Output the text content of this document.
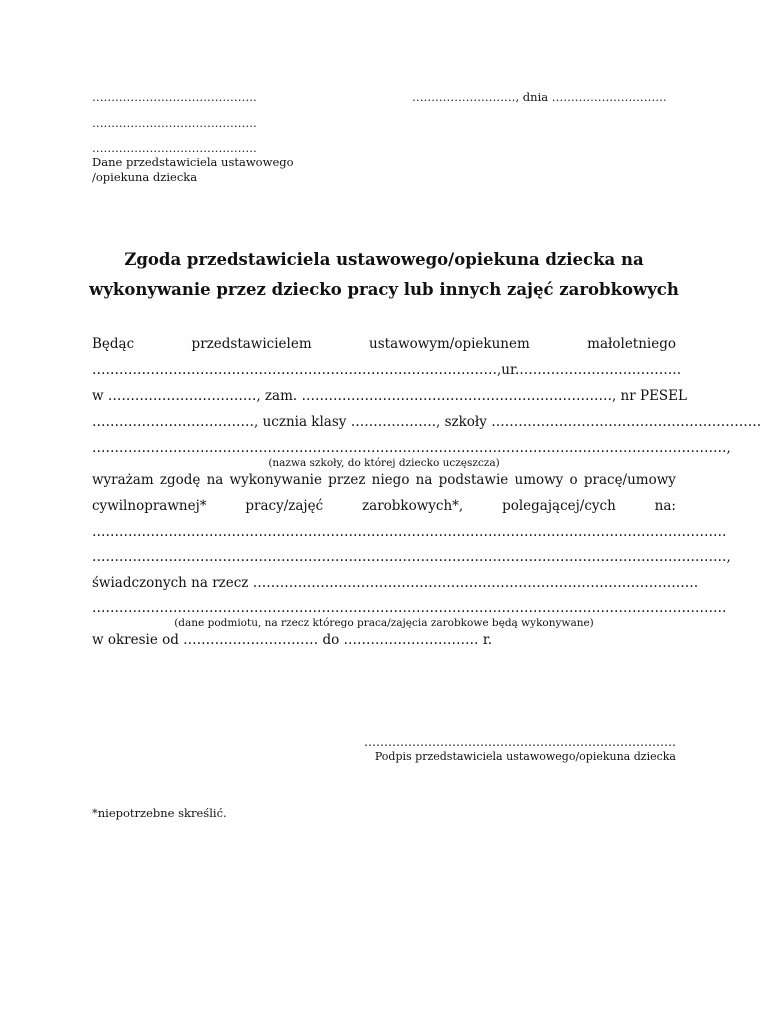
…………………………………….	………………………, dnia …………………………
…………………………………….
…………………………………….
Dane przedstawiciela ustawowego
/opiekuna dziecka
Zgoda przedstawiciela ustawowego/opiekuna dziecka na
wykonywanie przez dziecko pracy lub innych zajęć zarobkowych
Będąc	przedstawicielem	ustawowym/opiekunem	małoletniego
………………………………………………………………………………, ur. ………………………………
w ……………………………, zam. ……………………………………………………………, nr PESEL
………………………………, ucznia klasy ………………., szkoły ……………………………………………………
……………………………………………………………………………………………………………………………,
(nazwa szkoły, do której dziecko uczęszcza)
wyrażam zgodę na wykonywanie przez niego na podstawie umowy o pracę/umowy
cywilnoprawnej*	pracy/zajęć	zarobkowych*,	polegającej/cych	na:
……………………………………………………………………………………………………………………………
……………………………………………………………………………………………………………………………,
świadczonych na rzecz ………………………………………………………………………………………
……………………………………………………………………………………………………………………………
(dane podmiotu, na rzecz którego praca/zajęcia zarobkowe będą wykonywane)
w okresie od ………………………… do ………………………… r.
……………………………………………………………………
Podpis przedstawiciela ustawowego/opiekuna dziecka
*niepotrzebne skreślić.
